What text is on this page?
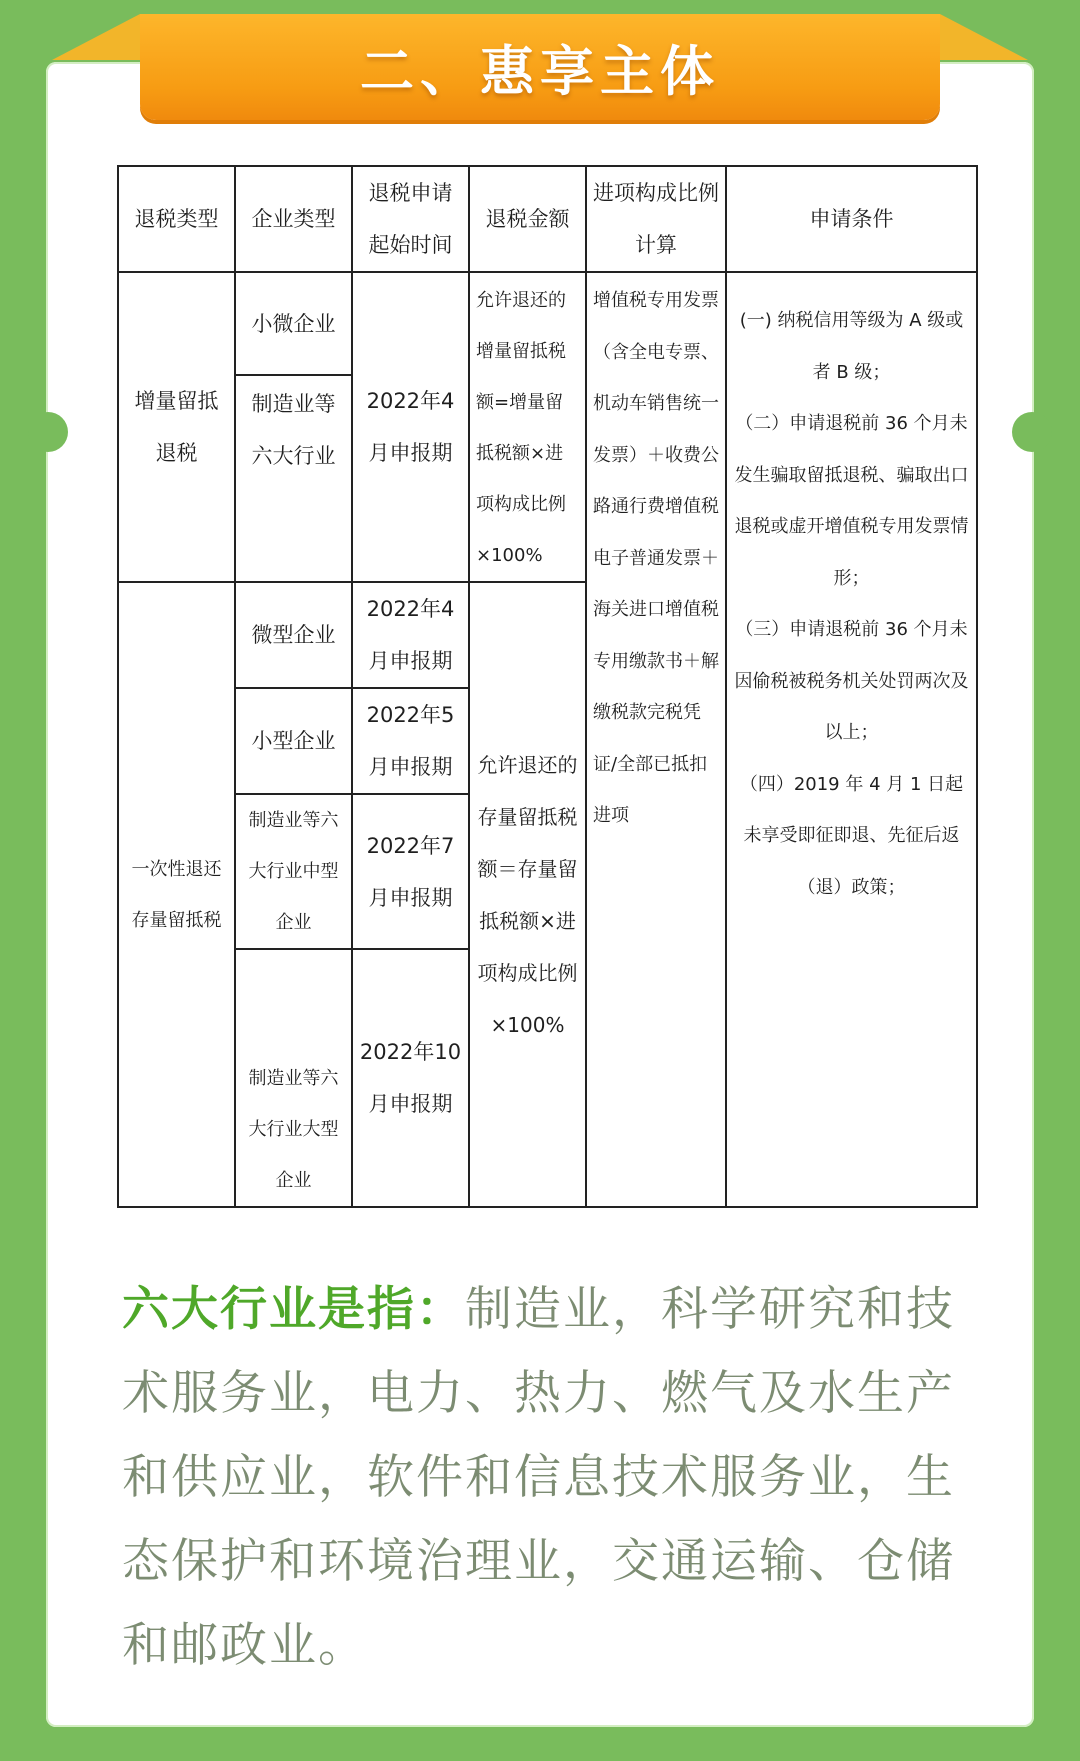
二、惠享主体
退税类型	企业类型	退税申请起始时间	退税金额	进项构成比例计算	申请条件
增量留抵退税	小微企业	2022年4月申报期	允许退还的增量留抵税额=增量留抵税额×进项构成比例×100%	增值税专用发票（含全电专票、机动车销售统一发票）＋收费公路通行费增值税电子普通发票＋海关进口增值税专用缴款书＋解缴税款完税凭证/全部已抵扣进项	(一) 纳税信用等级为 A 级或者 B 级；
（二）申请退税前 36 个月未发生骗取留抵退税、骗取出口退税或虚开增值税专用发票情形；
（三）申请退税前 36 个月未因偷税被税务机关处罚两次及以上；
（四）2019 年 4 月 1 日起未享受即征即退、先征后返（退）政策；

	制造业等六大行业				
一次性退还存量留抵税	微型企业	2022年4月申报期	允许退还的存量留抵税额＝存量留抵税额×进项构成比例×100%		
	小型企业	2022年5月申报期			
	制造业等六大行业中型企业	2022年7月申报期			
	制造业等六大行业大型企业	2022年10月申报期			
六大行业是指：制造业，科学研究和技术服务业，电力、热力、燃气及水生产和供应业，软件和信息技术服务业，生态保护和环境治理业，交通运输、仓储和邮政业。
